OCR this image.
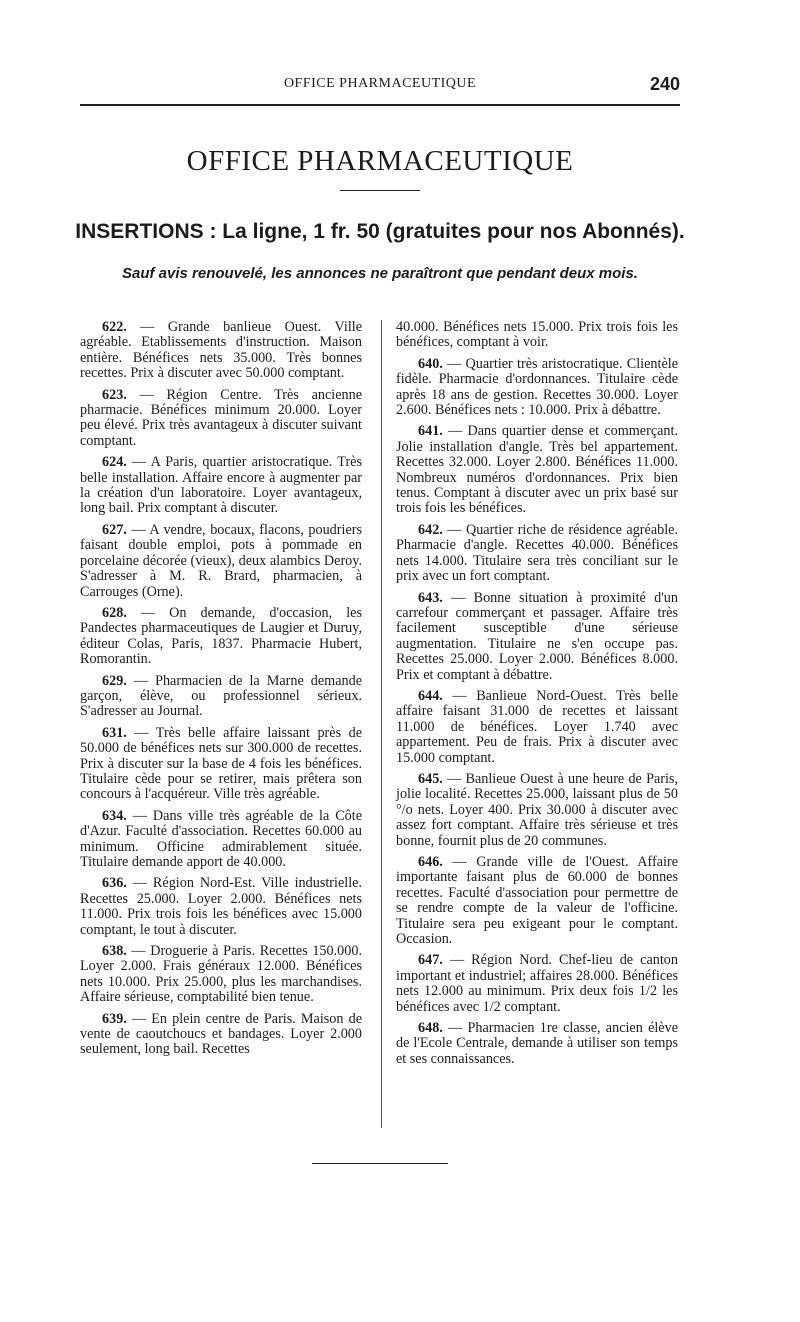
OFFICE PHARMACEUTIQUE	240
OFFICE PHARMACEUTIQUE
INSERTIONS : La ligne, 1 fr. 50 (gratuites pour nos Abonnés).
Sauf avis renouvelé, les annonces ne paraîtront que pendant deux mois.

622. — Grande banlieue Ouest. Ville agréable. Etablissements d'instruction. Maison entière. Bénéfices nets 35.000. Très bonnes recettes. Prix à discuter avec 50.000 comptant.

623. — Région Centre. Très ancienne pharmacie. Bénéfices minimum 20.000. Loyer peu élevé. Prix très avantageux à discuter suivant comptant.

624. — A Paris, quartier aristocratique. Très belle installation. Affaire encore à augmenter par la création d'un laboratoire. Loyer avantageux, long bail. Prix comptant à discuter.

627. — A vendre, bocaux, flacons, poudriers faisant double emploi, pots à pommade en porcelaine décorée (vieux), deux alambics Deroy. S'adresser à M. R. Brard, pharmacien, à Carrouges (Orne).

628. — On demande, d'occasion, les Pandectes pharmaceutiques de Laugier et Duruy, éditeur Colas, Paris, 1837. Pharmacie Hubert, Romorantin.

629. — Pharmacien de la Marne demande garçon, élève, ou professionnel sérieux. S'adresser au Journal.

631. — Très belle affaire laissant près de 50.000 de bénéfices nets sur 300.000 de recettes. Prix à discuter sur la base de 4 fois les bénéfices. Titulaire cède pour se retirer, mais prêtera son concours à l'acquéreur. Ville très agréable.

634. — Dans ville très agréable de la Côte d'Azur. Faculté d'association. Recettes 60.000 au minimum. Officine admirablement située. Titulaire demande apport de 40.000.

636. — Région Nord-Est. Ville industrielle. Recettes 25.000. Loyer 2.000. Bénéfices nets 11.000. Prix trois fois les bénéfices avec 15.000 comptant, le tout à discuter.

638. — Droguerie à Paris. Recettes 150.000. Loyer 2.000. Frais généraux 12.000. Bénéfices nets 10.000. Prix 25.000, plus les marchandises. Affaire sérieuse, comptabilité bien tenue.

639. — En plein centre de Paris. Maison de vente de caoutchoucs et bandages. Loyer 2.000 seulement, long bail. Recettes

40.000. Bénéfices nets 15.000. Prix trois fois les bénéfices, comptant à voir.

640. — Quartier très aristocratique. Clientèle fidèle. Pharmacie d'ordonnances. Titulaire cède après 18 ans de gestion. Recettes 30.000. Loyer 2.600. Bénéfices nets : 10.000. Prix à débattre.

641. — Dans quartier dense et commerçant. Jolie installation d'angle. Très bel appartement. Recettes 32.000. Loyer 2.800. Bénéfices 11.000. Nombreux numéros d'ordonnances. Prix bien tenus. Comptant à discuter avec un prix basé sur trois fois les bénéfices.

642. — Quartier riche de résidence agréable. Pharmacie d'angle. Recettes 40.000. Bénéfices nets 14.000. Titulaire sera très conciliant sur le prix avec un fort comptant.

643. — Bonne situation à proximité d'un carrefour commerçant et passager. Affaire très facilement susceptible d'une sérieuse augmentation. Titulaire ne s'en occupe pas. Recettes 25.000. Loyer 2.000. Bénéfices 8.000. Prix et comptant à débattre.

644. — Banlieue Nord-Ouest. Très belle affaire faisant 31.000 de recettes et laissant 11.000 de bénéfices. Loyer 1.740 avec appartement. Peu de frais. Prix à discuter avec 15.000 comptant.

645. — Banlieue Ouest à une heure de Paris, jolie localité. Recettes 25.000, laissant plus de 50 °/o nets. Loyer 400. Prix 30.000 à discuter avec assez fort comptant. Affaire très sérieuse et très bonne, fournit plus de 20 communes.

646. — Grande ville de l'Ouest. Affaire importante faisant plus de 60.000 de bonnes recettes. Faculté d'association pour permettre de se rendre compte de la valeur de l'officine. Titulaire sera peu exigeant pour le comptant. Occasion.

647. — Région Nord. Chef-lieu de canton important et industriel; affaires 28.000. Bénéfices nets 12.000 au minimum. Prix deux fois 1/2 les bénéfices avec 1/2 comptant.

648. — Pharmacien 1re classe, ancien élève de l'Ecole Centrale, demande à utiliser son temps et ses connaissances.
